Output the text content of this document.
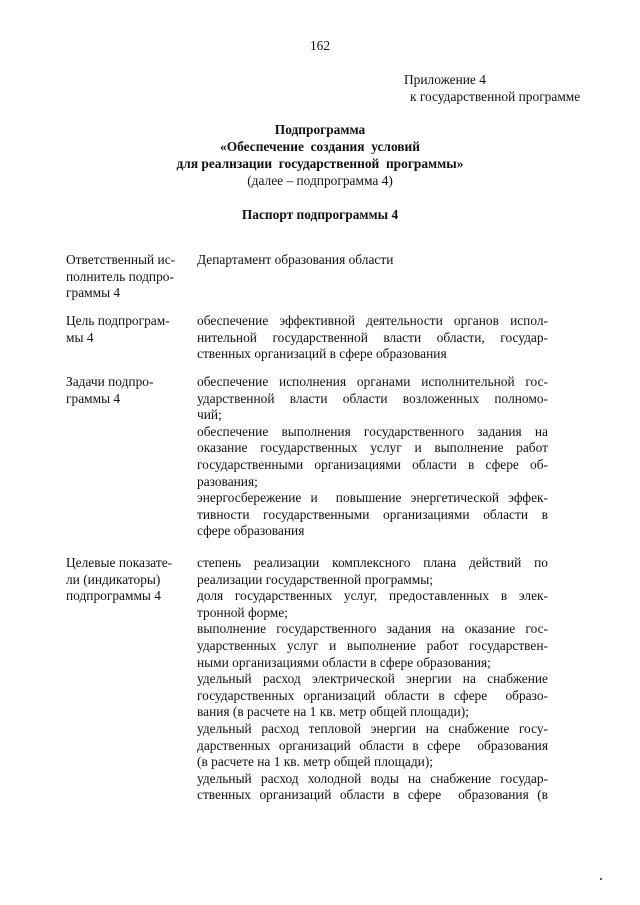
162
Приложение 4
к государственной программе
Подпрограмма
«Обеспечение  создания  условий
для реализации  государственной  программы»
(далее – подпрограмма 4)
Паспорт подпрограммы 4
Ответственный ис-
полнитель подпро-
граммы 4
Департамент образования области
Цель подпрограм-
мы 4
обеспечение эффективной деятельности органов испол-
нительной государственной власти области, государ-
ственных организаций в сфере образования
Задачи подпро-
граммы 4
обеспечение исполнения органами исполнительной гос-
ударственной власти области возложенных полномо-
чий;
обеспечение выполнения государственного задания на
оказание государственных услуг и выполнение работ
государственными организациями области в сфере об-
разования;
энергосбережение и  повышение энергетической эффек-
тивности государственными организациями области в
сфере образования
Целевые показате-
ли (индикаторы)
подпрограммы 4
степень реализации комплексного плана действий по
реализации государственной программы;
доля государственных услуг, предоставленных в элек-
тронной форме;
выполнение государственного задания на оказание гос-
ударственных услуг и выполнение работ государствен-
ными организациями области в сфере образования;
удельный расход электрической энергии на снабжение
государственных организаций области в сфере  образо-
вания (в расчете на 1 кв. метр общей площади);
удельный расход тепловой энергии на снабжение госу-
дарственных организаций области в сфере  образования
(в расчете на 1 кв. метр общей площади);
удельный расход холодной воды на снабжение государ-
ственных организаций области в сфере  образования (в
